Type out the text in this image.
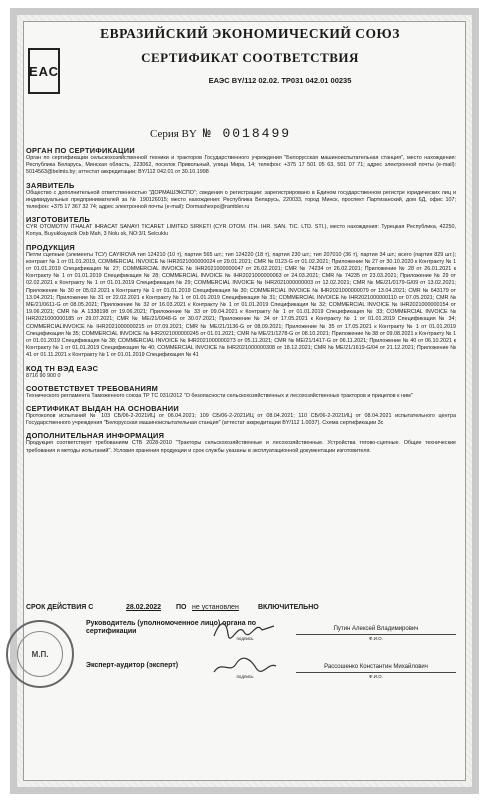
ЕАС
ЕВРАЗИЙСКИЙ ЭКОНОМИЧЕСКИЙ СОЮЗ
СЕРТИФИКАТ СООТВЕТСТВИЯ
ЕАЭС BY/112 02.02. ТР031 042.01 00235
Серия BY № 0018499
ОРГАН ПО СЕРТИФИКАЦИИ
Орган по сертификации сельскохозяйственной техники и тракторов Государственного учреждения "Белорусская машиноиспытательная станция", место нахождения: Республика Беларусь, Минская область, 223062, поселок Привольный, улица Мира, 14; телефон: +375 17 501 05 63, 501 07 71; адрес электронной почты (e-mail): 5014563@belmis.by; аттестат аккредитации: BY/112 042.01 от 30.10.1998
ЗАЯВИТЕЛЬ
Общество с дополнительной ответственностью "ДОРМАШЭКСПО"; сведения о регистрации: зарегистрировано в Едином государственном регистре юридических лиц и индивидуальных предпринимателей за № 190126015; место нахождения: Республика Беларусь, 220033, город Минск, проспект Партизанский, дом 6Д, офис 107; телефон: +375 17 367 32 74; адрес электронной почты (e-mail): Dormashexpo@rambler.ru
ИЗГОТОВИТЕЛЬ
CYR OTOMOTIV ITHALAT IHRACAT SANAYI TICARET LIMITED SIRKETI (CYR OTOM. ITH. IHR. SAN. TIC. LTD. STI.), место нахождения: Турецкая Республика, 42250, Konya, Buyukkayacik Osb Mah, 3 Nolu sk, NO:3/1 Selcuklu
ПРОДУКЦИЯ
Петли сцепные (элементы ТСУ) CAYIROVA тип 124210 (10 т), партия 565 шт.; тип 124220 (18 т), партия 230 шт.; тип 207010 (36 т), партия 34 шт.; всего (партия 829 шт.); контракт № 1 от 01.01.2019, COMMERCIAL INVOICE № IHR2021000000024 от 29.01.2021; CMR № 0123-G от 01.02.2021; Приложение № 27 от 30.10.2020 к Контракту № 1 от 01.01.2019 Спецификация № 27; COMMERCIAL INVOICE № IHR2021000000047 от 26.02.2021; CMR № 74234 от 26.02.2021; Приложение № 28 от 26.01.2021 к Контракту № 1 от 01.01.2019 Спецификация № 28; COMMERCIAL INVOICE № IHR2021000000063 от 24.03.2021; CMR № 74235 от 23.03.2021; Приложение № 29 от 02.02.2021 к Контракту № 1 от 01.01.2019 Спецификация № 29; COMMERCIAL INVOICE № IHR2021000000003 от 12.02.2021; CMR № ME/21/0179-G/09 от 13.02.2021; Приложение № 30 от 05.02.2021 к Контракту № 1 от 01.01.2019 Спецификация № 30; COMMERCIAL INVOICE № IHR2021000000079 от 13.04.2021; CMR № 643179 от 13.04.2021; Приложение № 31 от 22.02.2021 к Контракту № 1 от 01.01.2019 Спецификация № 31; COMMERCIAL INVOICE № IHR2021000000110 от 07.05.2021; CMR № ME/21/0611-G от 08.05.2021; Приложение № 32 от 16.03.2021 к Контракту № 1 от 01.01.2019 Спецификация № 32; COMMERCIAL INVOICE № IHR2021000000154 от 19.06.2021; CMR № A 1338198 от 19.06.2021; Приложение № 33 от 09.04.2021 к Контракту № 1 от 01.01.2019 Спецификация № 33; COMMERCIAL INVOICE № IHR2021000000185 от 29.07.2021; CMR № ME/21/0948-G от 30.07.2021; Приложение № 34 от 17.05.2021 к Контракту № 1 от 01.01.2019 Спецификация № 34; COMMERCIALINVOICE № IHR2021000000215 от 07.09.2021; CMR № ME/21/1136-G от 08.09.2021; Приложение № 35 от 17.05.2021 к Контракту № 1 от 01.01.2019 Спецификация № 35; COMMERCIAL INVOICE № IHR2021000000245 от 01.01.2021; CMR № ME/21/1278-G от 08.10.2021; Приложение № 38 от 09.08.2021 к Контракту № 1 от 01.01.2019 Спецификация № 38; COMMERCIAL INVOICE № IHR2021000000273 от 05.11.2021; CMR № ME/21/1417-G от 06.11.2021; Приложение № 40 от 06.10.2021 к Контракту № 1 от 01.01.2019 Спецификация № 40; COMMERCIAL INVOICE № IHR2021000000308 от 18.12.2021; CMR № ME/21/1619-G/04 от 21.12.2021; Приложение № 41 от 01.11.2021 к Контракту № 1 от 01.01.2019 Спецификация № 41
КОД ТН ВЭД ЕАЭС
8716 90 900 0
СООТВЕТСТВУЕТ ТРЕБОВАНИЯМ
Технического регламента Таможенного союза ТР ТС 031/2012 "О безопасности сельскохозяйственных и лесохозяйственных тракторов и прицепов к ним"
СЕРТИФИКАТ ВЫДАН НА ОСНОВАНИИ
Протоколов испытаний № 103 СБ/06-2-2021ИЦ от 06.04.2021; 109 СБ/06-2-2021ИЦ от 08.04.2021; 110 СБ/06-2-2021ИЦ от 08.04.2021 испытательного центра Государственного учреждения "Белорусская машиноиспытательная станция" (аттестат аккредитации BY/112 1.0037). Схема сертификации 3с
ДОПОЛНИТЕЛЬНАЯ ИНФОРМАЦИЯ
Продукция соответствует требованиям СТБ 2028-2010 "Тракторы сельскохозяйственные и лесохозяйственные. Устройства тягово-сцепные. Общие технические требования и методы испытаний". Условия хранения продукции и срок службы указаны в эксплуатационной документации изготовителя.
СРОК ДЕЙСТВИЯ С	28.02.2022 ПО не установлен	ВКЛЮЧИТЕЛЬНО
Руководитель (уполномоченное лицо) органа по сертификации	Путин Алексей Владимирович
Ф.И.О.
подпись
Эксперт-аудитор (эксперт)	Рассошенко Константин Михайлович
Ф.И.О.
подпись
М.П.
